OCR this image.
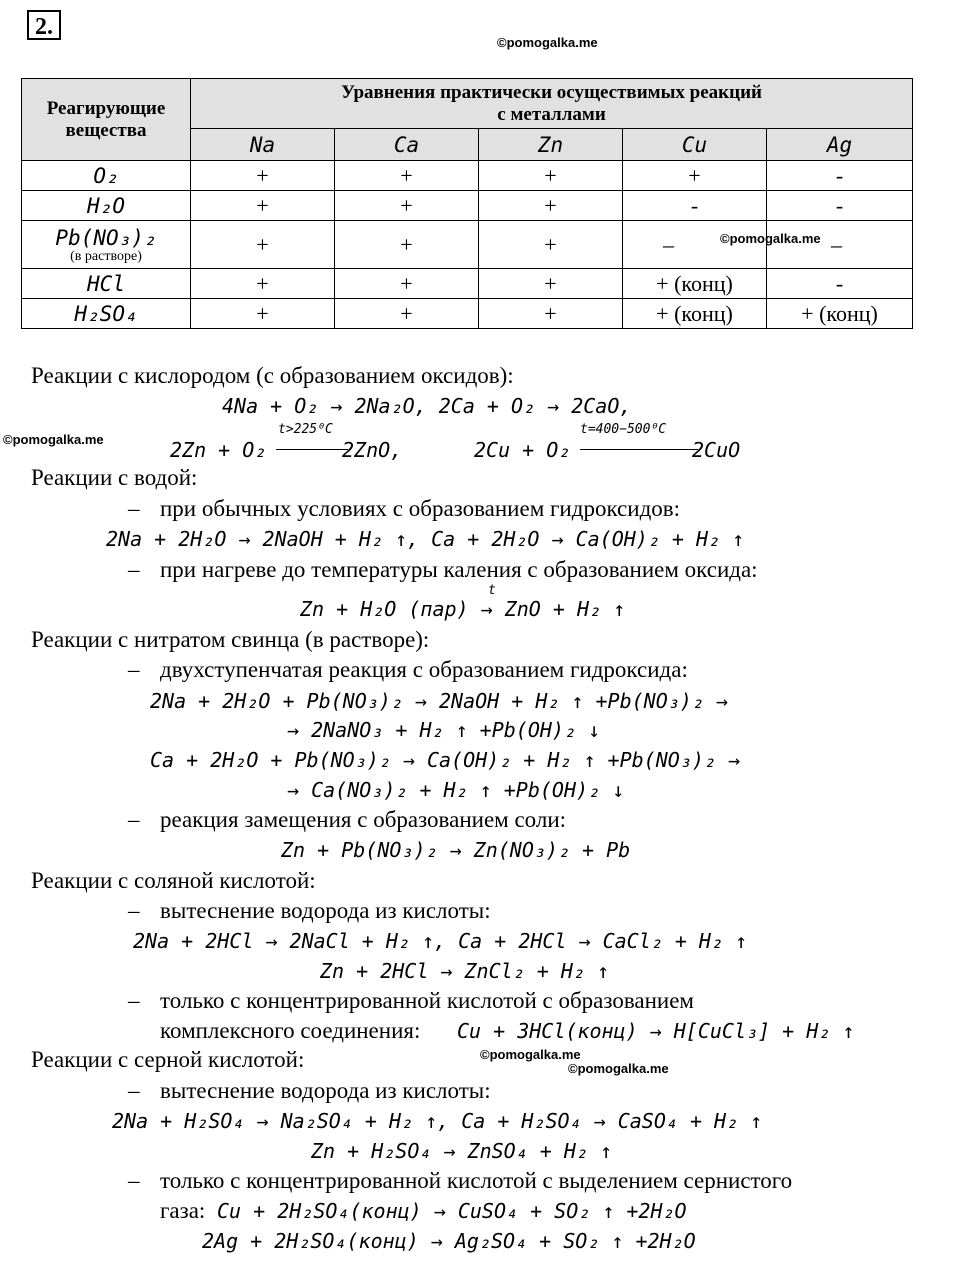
2.
©pomogalka.me
Реагирующие вещества	Уравнения практически осуществимых реакций
с металлами				
	Na	Ca	Zn	Cu	Ag
O₂	+	+	+	+	-
H₂O	+	+	+	-	-
Pb(NO₃)₂
(в растворе)	+	+	+	–	–
HCl	+	+	+	+ (конц)	-
H₂SO₄	+	+	+	+ (конц)	+ (конц)
©pomogalka.me
Реакции с кислородом (с образованием оксидов):
4Na + O₂ → 2Na₂O, 2Ca + O₂ → 2CaO,
©pomogalka.me	2Zn + O₂
t>225⁰C
2ZnO,	2Cu + O₂
t=400−500⁰C
2CuO
Реакции с водой:
– при обычных условиях с образованием гидроксидов:
2Na + 2H₂O → 2NaOH + H₂ ↑, Ca + 2H₂O → Ca(OH)₂ + H₂ ↑
– при нагреве до температуры каления с образованием оксида:
t
Zn + H₂O (пар) → ZnO + H₂ ↑
Реакции с нитратом свинца (в растворе):
– двухступенчатая реакция с образованием гидроксида:
2Na + 2H₂O + Pb(NO₃)₂ → 2NaOH + H₂ ↑ +Pb(NO₃)₂ →
→ 2NaNO₃ + H₂ ↑ +Pb(OH)₂ ↓
Ca + 2H₂O + Pb(NO₃)₂ → Ca(OH)₂ + H₂ ↑ +Pb(NO₃)₂ →
→ Ca(NO₃)₂ + H₂ ↑ +Pb(OH)₂ ↓
– реакция замещения с образованием соли:
Zn + Pb(NO₃)₂ → Zn(NO₃)₂ + Pb
Реакции с соляной кислотой:
– вытеснение водорода из кислоты:
2Na + 2HCl → 2NaCl + H₂ ↑, Ca + 2HCl → CaCl₂ + H₂ ↑
Zn + 2HCl → ZnCl₂ + H₂ ↑
– только с концентрированной кислотой с образованием
комплексного соединения: Cu + 3HCl(конц) → H[CuCl₃] + H₂ ↑
Реакции с серной кислотой:	©pomogalka.me
©pomogalka.me
– вытеснение водорода из кислоты:
2Na + H₂SO₄ → Na₂SO₄ + H₂ ↑, Ca + H₂SO₄ → CaSO₄ + H₂ ↑
Zn + H₂SO₄ → ZnSO₄ + H₂ ↑
– только с концентрированной кислотой с выделением сернистого
газа: Cu + 2H₂SO₄(конц) → CuSO₄ + SO₂ ↑ +2H₂O
2Ag + 2H₂SO₄(конц) → Ag₂SO₄ + SO₂ ↑ +2H₂O
